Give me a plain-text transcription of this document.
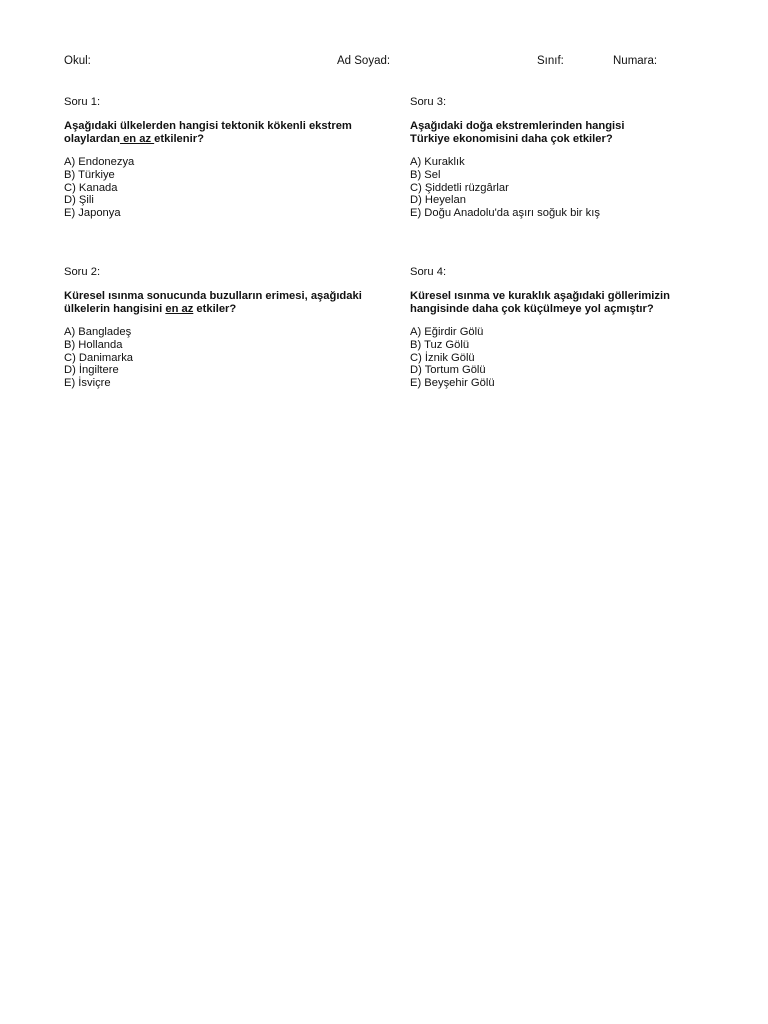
Okul:	Ad Soyad:	Sınıf:	Numara:
Soru 1:
Aşağıdaki ülkelerden hangisi tektonik kökenli ekstrem
olaylardan en az etkilenir?
A) Endonezya
B) Türkiye
C) Kanada
D) Şili
E) Japonya
Soru 2:
Küresel ısınma sonucunda buzulların erimesi, aşağıdaki
ülkelerin hangisini en az etkiler?
A) Bangladeş
B) Hollanda
C) Danimarka
D) İngiltere
E) İsviçre
Soru 3:
Aşağıdaki doğa ekstremlerinden hangisi
Türkiye ekonomisini daha çok etkiler?
A) Kuraklık
B) Sel
C) Şiddetli rüzgârlar
D) Heyelan
E) Doğu Anadolu'da aşırı soğuk bir kış
Soru 4:
Küresel ısınma ve kuraklık aşağıdaki göllerimizin
hangisinde daha çok küçülmeye yol açmıştır?
A) Eğirdir Gölü
B) Tuz Gölü
C) İznik Gölü
D) Tortum Gölü
E) Beyşehir Gölü
